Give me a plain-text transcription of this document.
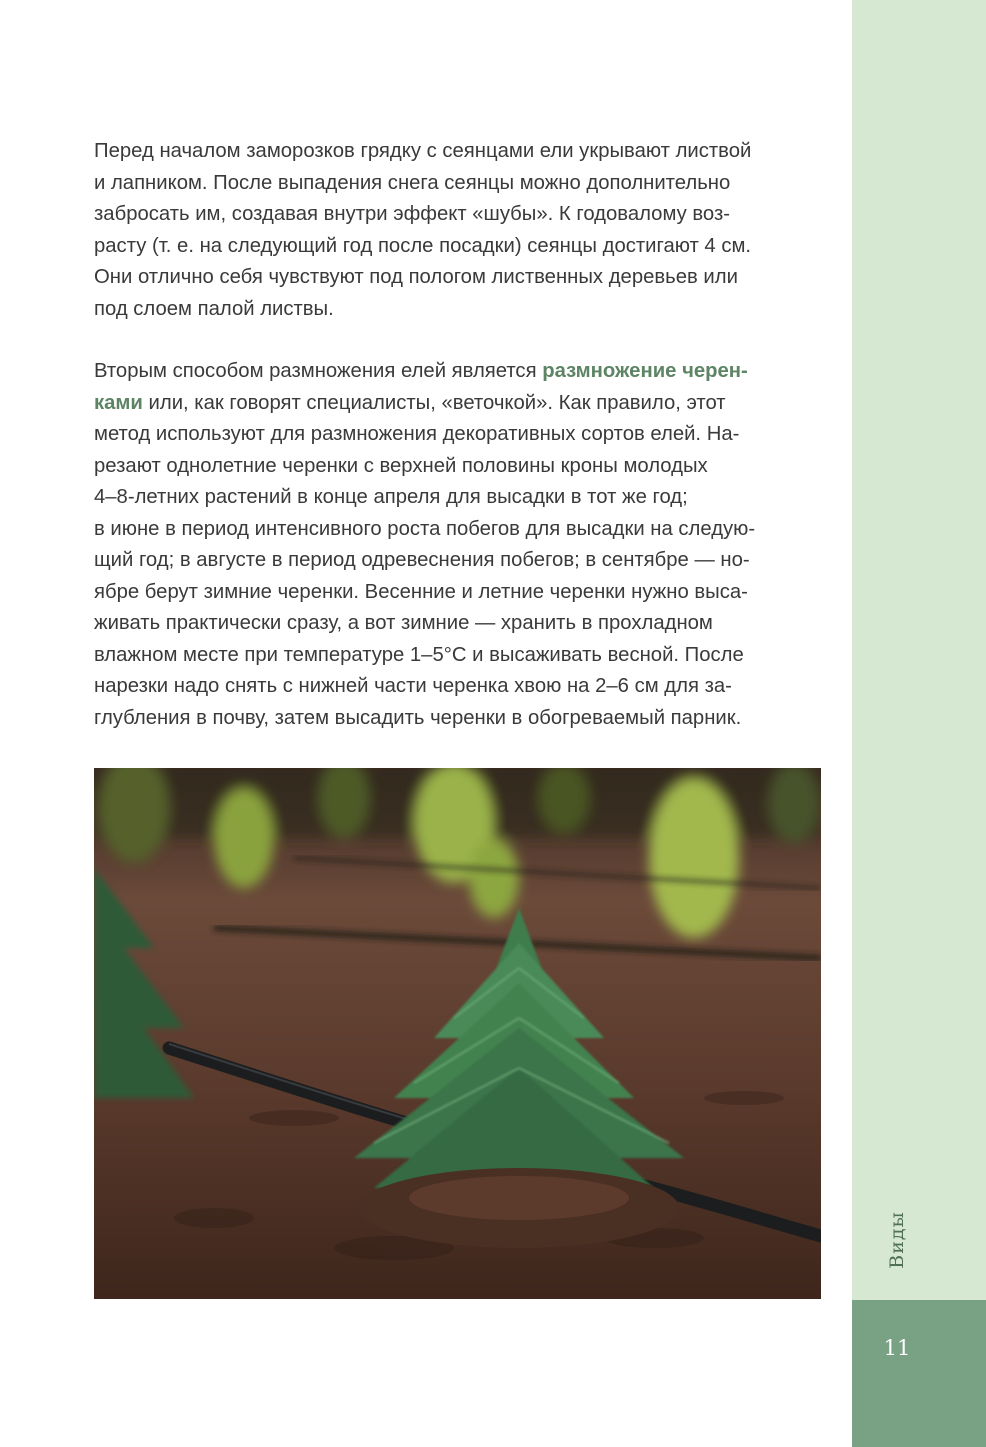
Виды
11
Перед началом заморозков грядку с сеянцами ели укрывают листвой
и лапником. После выпадения снега сеянцы можно дополнительно
забросать им, создавая внутри эффект «шубы». К годовалому воз-
расту (т. е. на следующий год после посадки) сеянцы достигают 4 см.
Они отлично себя чувствуют под пологом лиственных деревьев или
под слоем палой листвы.
Вторым способом размножения елей является размножение черен-
ками или, как говорят специалисты, «веточкой». Как правило, этот
метод используют для размножения декоративных сортов елей. На-
резают однолетние черенки с верхней половины кроны молодых
4–8-летних растений в конце апреля для высадки в тот же год;
в июне в период интенсивного роста побегов для высадки на следую-
щий год; в августе в период одревеснения побегов; в сентябре — но-
ябре берут зимние черенки. Весенние и летние черенки нужно выса-
живать практически сразу, а вот зимние — хранить в прохладном
влажном месте при температуре 1–5°С и высаживать весной. После
нарезки надо снять с нижней части черенка хвою на 2–6 см для за-
глубления в почву, затем высадить черенки в обогреваемый парник.
